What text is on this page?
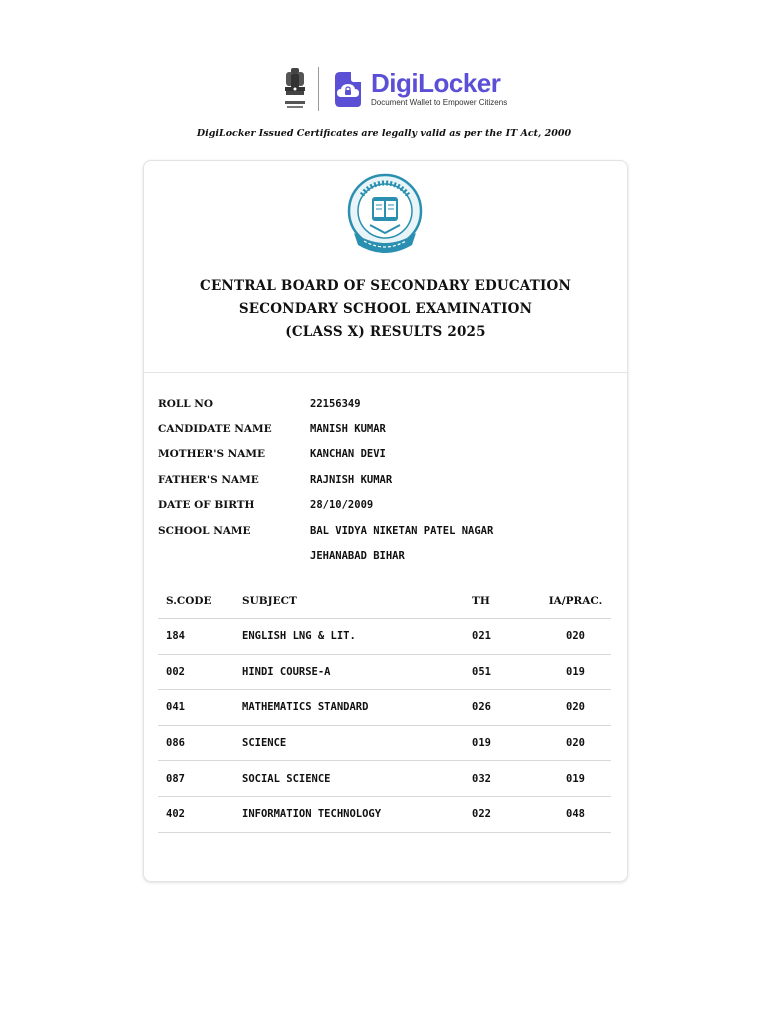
DigiLocker
Document Wallet to Empower Citizens
DigiLocker Issued Certificates are legally valid as per the IT Act, 2000
CENTRAL BOARD OF SECONDARY EDUCATION
SECONDARY SCHOOL EXAMINATION
(CLASS X) RESULTS 2025
ROLL NO	22156349
CANDIDATE NAME	MANISH KUMAR
MOTHER'S NAME	KANCHAN DEVI
FATHER'S NAME	RAJNISH KUMAR
DATE OF BIRTH	28/10/2009
SCHOOL NAME	BAL VIDYA NIKETAN PATEL NAGAR
JEHANABAD BIHAR
S.CODE	SUBJECT	TH	IA/PRAC.
184	ENGLISH LNG & LIT.	021	020
002	HINDI COURSE-A	051	019
041	MATHEMATICS STANDARD	026	020
086	SCIENCE	019	020
087	SOCIAL SCIENCE	032	019
402	INFORMATION TECHNOLOGY	022	048
